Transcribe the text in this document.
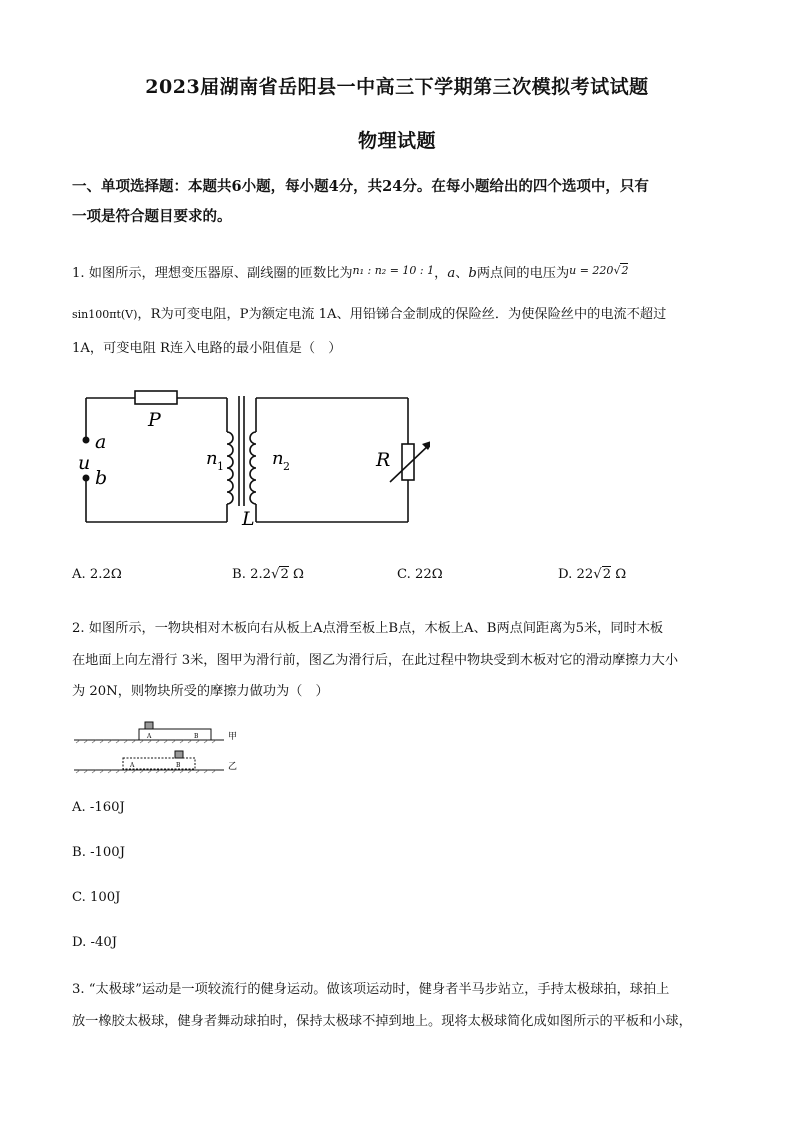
2023届湖南省岳阳县一中高三下学期第三次模拟考试试题
物理试题
一、单项选择题：本题共6小题，每小题4分，共24分。在每小题给出的四个选项中，只有
一项是符合题目要求的。
1. 如图所示，理想变压器原、副线圈的匝数比为$^{n_1 : n_2 = 10 : 1}$，a、b两点间的电压为$^{u = 220√2}$
sin100πt(V)，R为可变电阻，P为额定电流 1A、用铅锑合金制成的保险丝．为使保险丝中的电流不超过
1A，可变电阻 R连入电路的最小阻值是（　）
P
a
u
b
n 1	n 2
L
R
A. 2.2Ω	B. 2.2√2 Ω	C. 22Ω	D. 22√2 Ω
2. 如图所示，一物块相对木板向右从板上A点滑至板上B点，木板上A、B两点间距离为5米，同时木板
在地面上向左滑行 3米，图甲为滑行前，图乙为滑行后，在此过程中物块受到木板对它的滑动摩擦力大小
为 20N，则物块所受的摩擦力做功为（　）
A	B
A	B
甲
乙
A. -160J
B. -100J
C. 100J
D. -40J
3. “太极球”运动是一项较流行的健身运动。做该项运动时，健身者半马步站立，手持太极球拍，球拍上
放一橡胶太极球，健身者舞动球拍时，保持太极球不掉到地上。现将太极球简化成如图所示的平板和小球，
